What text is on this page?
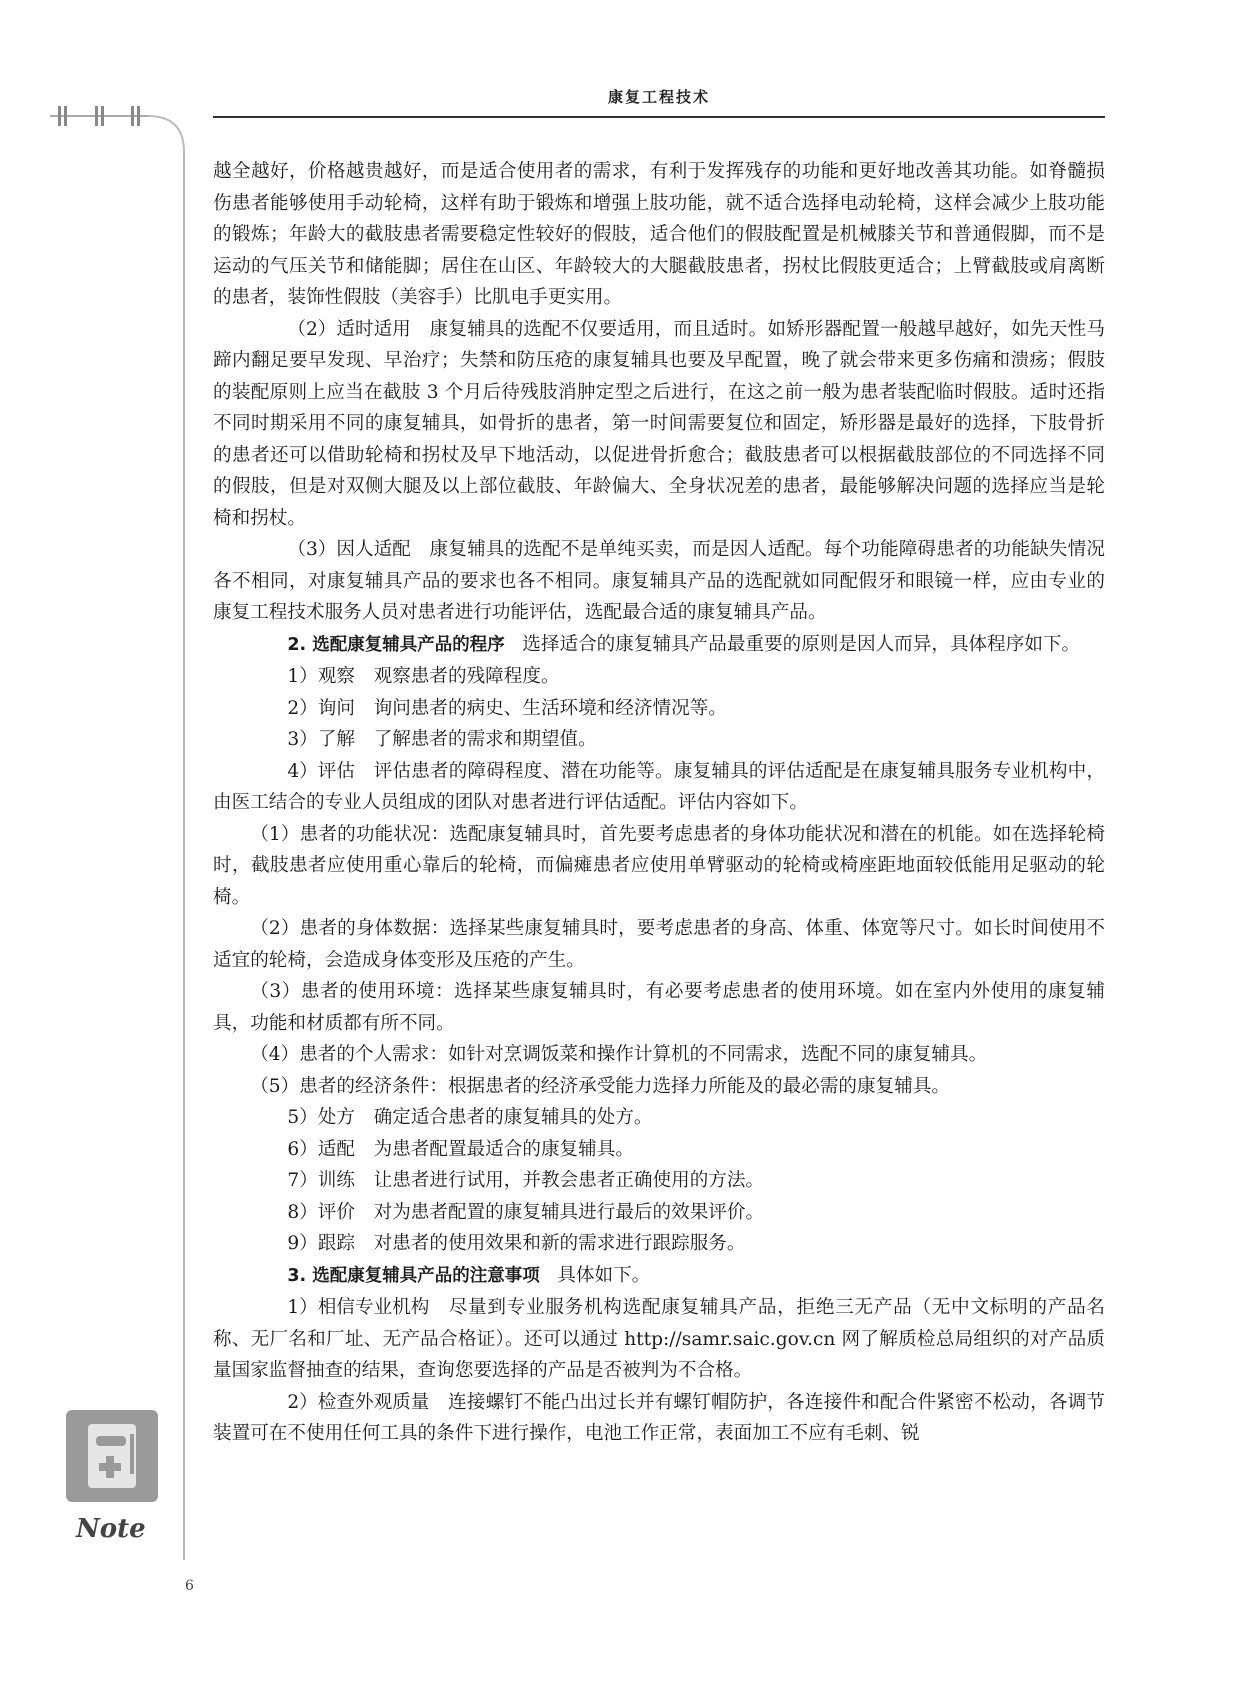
康复工程技术

越全越好，价格越贵越好，而是适合使用者的需求，有利于发挥残存的功能和更好地改善其功能。如脊髓损伤患者能够使用手动轮椅，这样有助于锻炼和增强上肢功能，就不适合选择电动轮椅，这样会减少上肢功能的锻炼；年龄大的截肢患者需要稳定性较好的假肢，适合他们的假肢配置是机械膝关节和普通假脚，而不是运动的气压关节和储能脚；居住在山区、年龄较大的大腿截肢患者，拐杖比假肢更适合；上臂截肢或肩离断的患者，装饰性假肢（美容手）比肌电手更实用。

（2）适时适用 康复辅具的选配不仅要适用，而且适时。如矫形器配置一般越早越好，如先天性马蹄内翻足要早发现、早治疗；失禁和防压疮的康复辅具也要及早配置，晚了就会带来更多伤痛和溃疡；假肢的装配原则上应当在截肢 3 个月后待残肢消肿定型之后进行，在这之前一般为患者装配临时假肢。适时还指不同时期采用不同的康复辅具，如骨折的患者，第一时间需要复位和固定，矫形器是最好的选择，下肢骨折的患者还可以借助轮椅和拐杖及早下地活动，以促进骨折愈合；截肢患者可以根据截肢部位的不同选择不同的假肢，但是对双侧大腿及以上部位截肢、年龄偏大、全身状况差的患者，最能够解决问题的选择应当是轮椅和拐杖。

（3）因人适配 康复辅具的选配不是单纯买卖，而是因人适配。每个功能障碍患者的功能缺失情况各不相同，对康复辅具产品的要求也各不相同。康复辅具产品的选配就如同配假牙和眼镜一样，应由专业的康复工程技术服务人员对患者进行功能评估，选配最合适的康复辅具产品。

2. 选配康复辅具产品的程序 选择适合的康复辅具产品最重要的原则是因人而异，具体程序如下。

1）观察 观察患者的残障程度。

2）询问 询问患者的病史、生活环境和经济情况等。

3）了解 了解患者的需求和期望值。

4）评估 评估患者的障碍程度、潜在功能等。康复辅具的评估适配是在康复辅具服务专业机构中，由医工结合的专业人员组成的团队对患者进行评估适配。评估内容如下。

（1）患者的功能状况：选配康复辅具时，首先要考虑患者的身体功能状况和潜在的机能。如在选择轮椅时，截肢患者应使用重心靠后的轮椅，而偏瘫患者应使用单臂驱动的轮椅或椅座距地面较低能用足驱动的轮椅。

（2）患者的身体数据：选择某些康复辅具时，要考虑患者的身高、体重、体宽等尺寸。如长时间使用不适宜的轮椅，会造成身体变形及压疮的产生。

（3）患者的使用环境：选择某些康复辅具时，有必要考虑患者的使用环境。如在室内外使用的康复辅具，功能和材质都有所不同。

（4）患者的个人需求：如针对烹调饭菜和操作计算机的不同需求，选配不同的康复辅具。

（5）患者的经济条件：根据患者的经济承受能力选择力所能及的最必需的康复辅具。

5）处方 确定适合患者的康复辅具的处方。

6）适配 为患者配置最适合的康复辅具。

7）训练 让患者进行试用，并教会患者正确使用的方法。

8）评价 对为患者配置的康复辅具进行最后的效果评价。

9）跟踪 对患者的使用效果和新的需求进行跟踪服务。

3. 选配康复辅具产品的注意事项 具体如下。

1）相信专业机构 尽量到专业服务机构选配康复辅具产品，拒绝三无产品（无中文标明的产品名称、无厂名和厂址、无产品合格证）。还可以通过 http://samr.saic.gov.cn 网了解质检总局组织的对产品质量国家监督抽查的结果，查询您要选择的产品是否被判为不合格。

2）检查外观质量 连接螺钉不能凸出过长并有螺钉帽防护，各连接件和配合件紧密不松动，各调节装置可在不使用任何工具的条件下进行操作，电池工作正常，表面加工不应有毛刺、锐

Note
6
